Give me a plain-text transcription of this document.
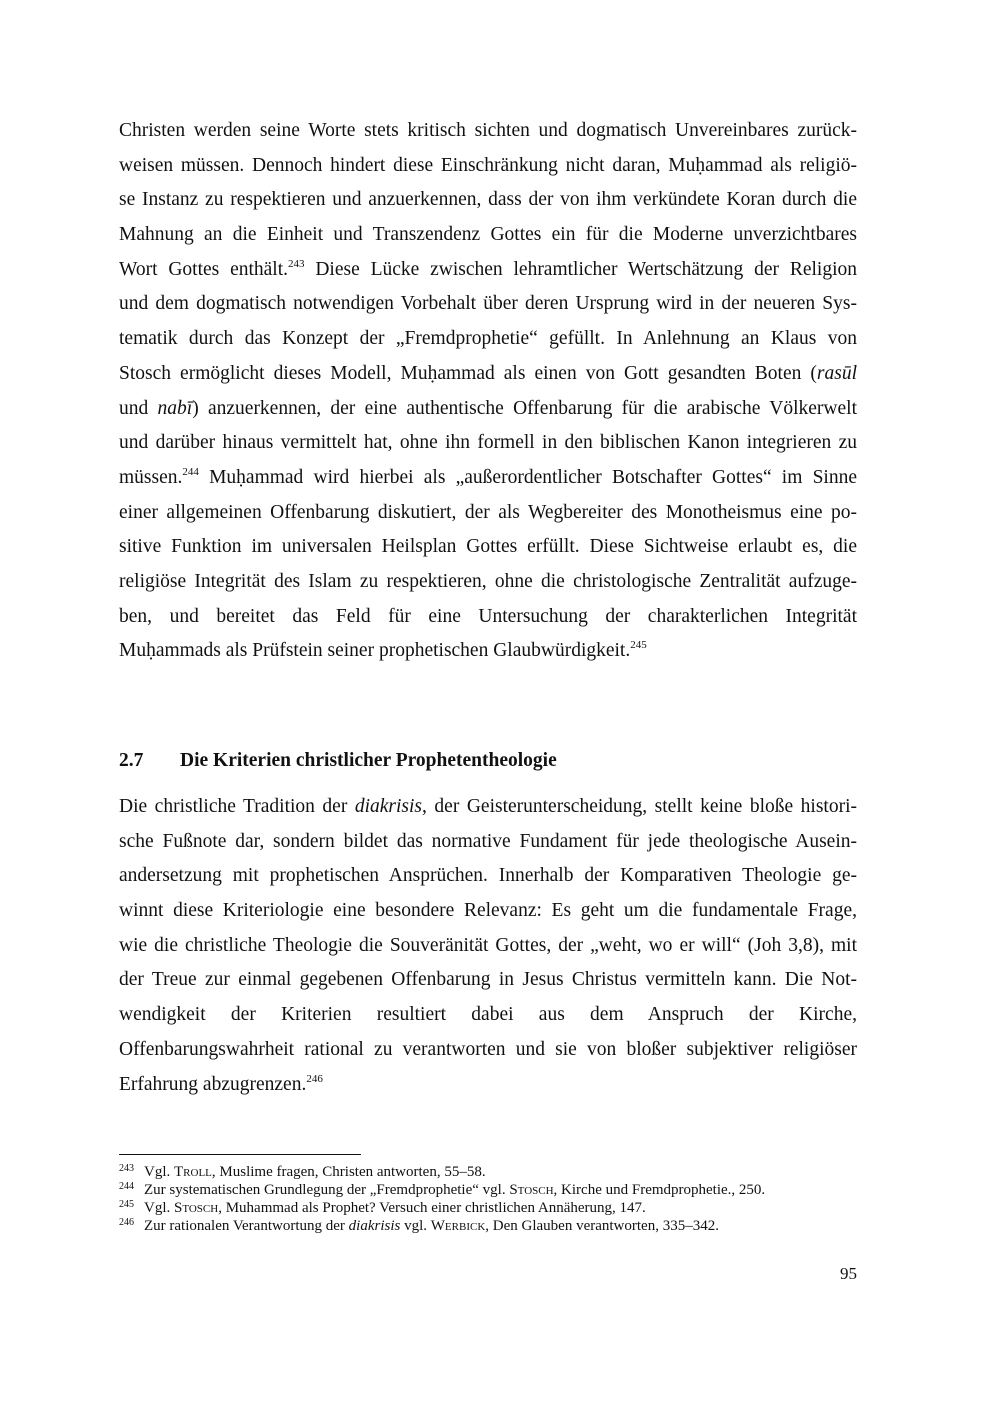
Christen werden seine Worte stets kritisch sichten und dogmatisch Unvereinbares zurück-
weisen müssen. Dennoch hindert diese Einschränkung nicht daran, Muḥammad als religiö-
se Instanz zu respektieren und anzuerkennen, dass der von ihm verkündete Koran durch die
Mahnung an die Einheit und Transzendenz Gottes ein für die Moderne unverzichtbares
Wort Gottes enthält.$^{243}$ Diese Lücke zwischen lehramtlicher Wertschätzung der Religion
und dem dogmatisch notwendigen Vorbehalt über deren Ursprung wird in der neueren Sys-
tematik durch das Konzept der „Fremdprophetie“ gefüllt. In Anlehnung an Klaus von
Stosch ermöglicht dieses Modell, Muḥammad als einen von Gott gesandten Boten (rasūl
und nabī) anzuerkennen, der eine authentische Offenbarung für die arabische Völkerwelt
und darüber hinaus vermittelt hat, ohne ihn formell in den biblischen Kanon integrieren zu
müssen.$^{244}$ Muḥammad wird hierbei als „außerordentlicher Botschafter Gottes“ im Sinne
einer allgemeinen Offenbarung diskutiert, der als Wegbereiter des Monotheismus eine po-
sitive Funktion im universalen Heilsplan Gottes erfüllt. Diese Sichtweise erlaubt es, die
religiöse Integrität des Islam zu respektieren, ohne die christologische Zentralität aufzuge-
ben, und bereitet das Feld für eine Untersuchung der charakterlichen Integrität
Muḥammads als Prüfstein seiner prophetischen Glaubwürdigkeit.$^{245}$
2.7 Die Kriterien christlicher Prophetentheologie
Die christliche Tradition der diakrisis, der Geisterunterscheidung, stellt keine bloße histori-
sche Fußnote dar, sondern bildet das normative Fundament für jede theologische Ausein-
andersetzung mit prophetischen Ansprüchen. Innerhalb der Komparativen Theologie ge-
winnt diese Kriteriologie eine besondere Relevanz: Es geht um die fundamentale Frage,
wie die christliche Theologie die Souveränität Gottes, der „weht, wo er will“ (Joh 3,8), mit
der Treue zur einmal gegebenen Offenbarung in Jesus Christus vermitteln kann. Die Not-
wendigkeit der Kriterien resultiert dabei aus dem Anspruch der Kirche,
Offenbarungswahrheit rational zu verantworten und sie von bloßer subjektiver religiöser
Erfahrung abzugrenzen.$^{246}$
243 Vgl. Troll, Muslime fragen, Christen antworten, 55–58.
244 Zur systematischen Grundlegung der „Fremdprophetie“ vgl. Stosch, Kirche und Fremdprophetie., 250.
245 Vgl. Stosch, Muhammad als Prophet? Versuch einer christlichen Annäherung, 147.
246 Zur rationalen Verantwortung der diakrisis vgl. Werbick, Den Glauben verantworten, 335–342.
95
